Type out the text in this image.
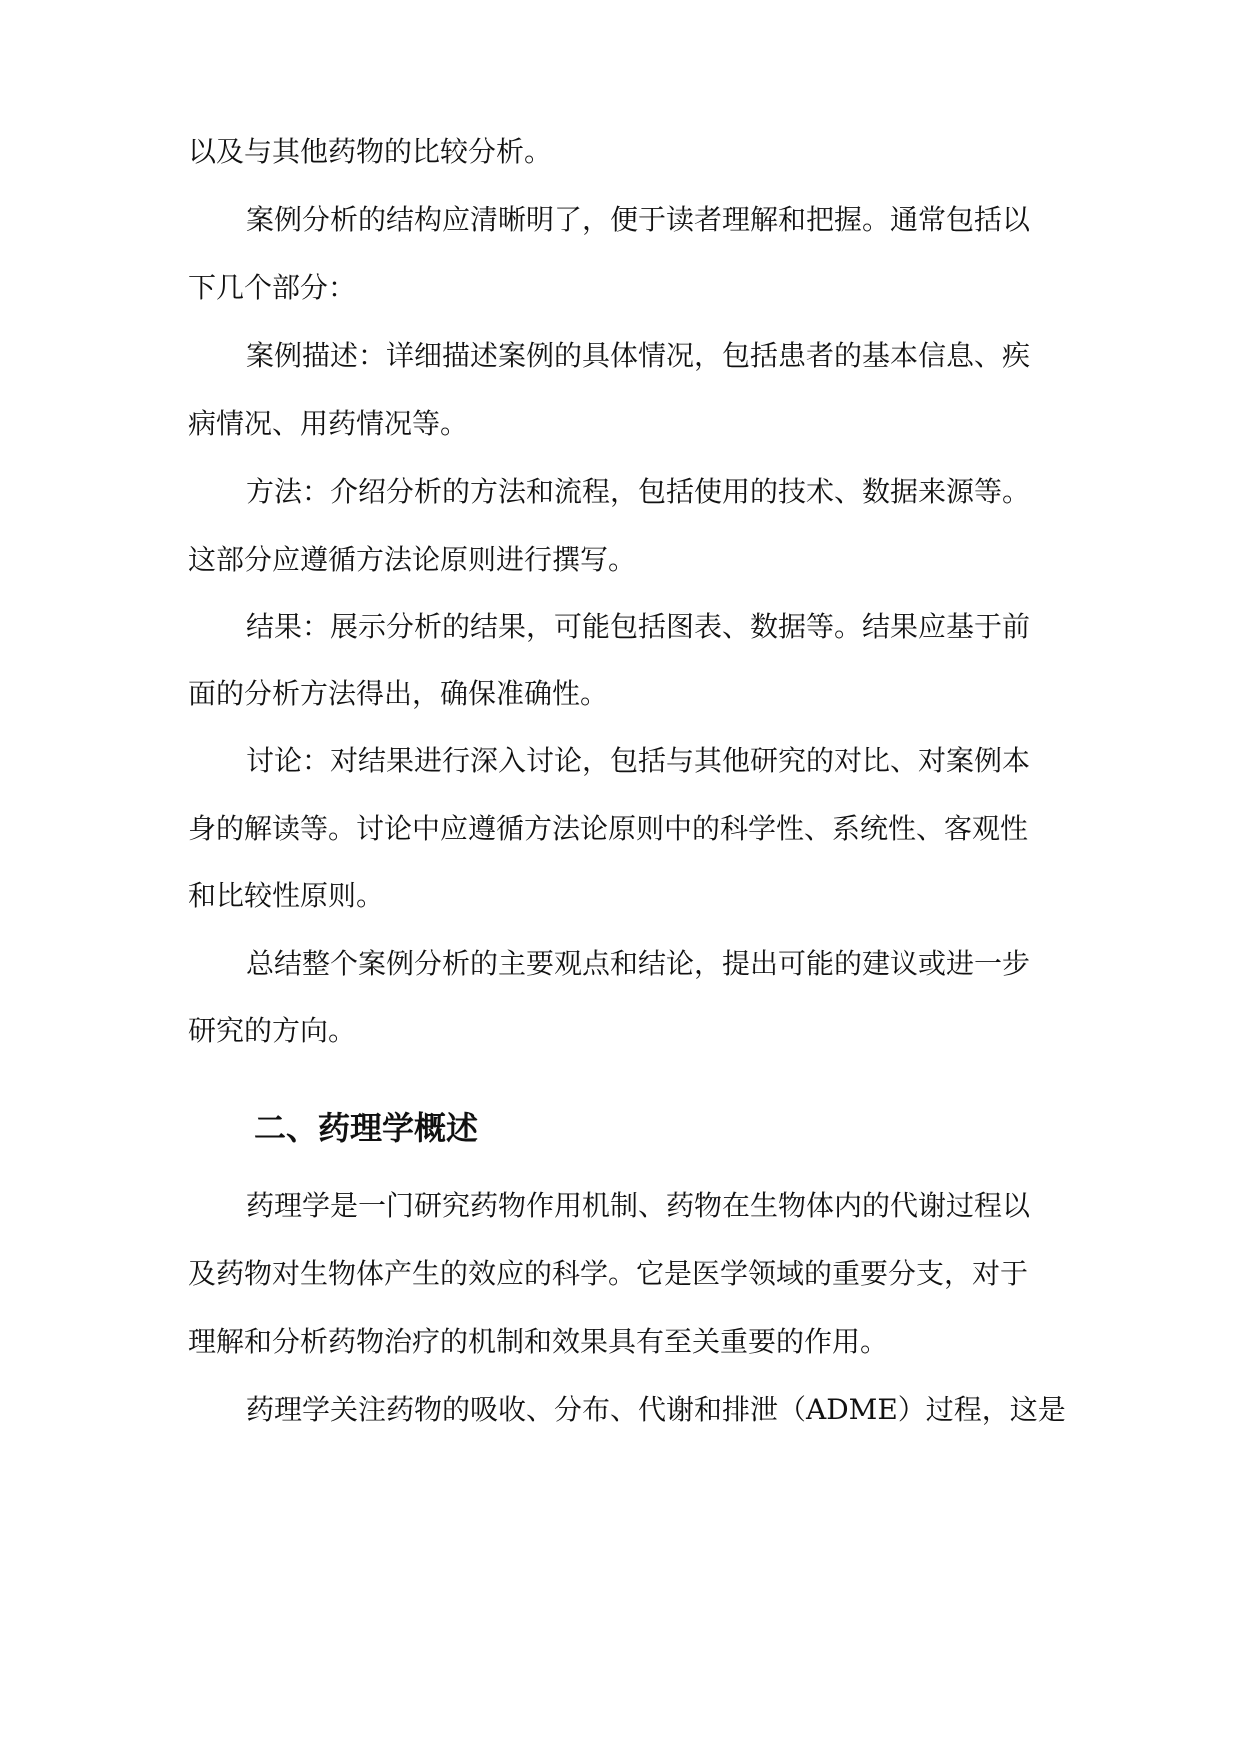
以及与其他药物的比较分析。
案例分析的结构应清晰明了，便于读者理解和把握。通常包括以
下几个部分：
案例描述：详细描述案例的具体情况，包括患者的基本信息、疾
病情况、用药情况等。
方法：介绍分析的方法和流程，包括使用的技术、数据来源等。
这部分应遵循方法论原则进行撰写。
结果：展示分析的结果，可能包括图表、数据等。结果应基于前
面的分析方法得出，确保准确性。
讨论：对结果进行深入讨论，包括与其他研究的对比、对案例本
身的解读等。讨论中应遵循方法论原则中的科学性、系统性、客观性
和比较性原则。
总结整个案例分析的主要观点和结论，提出可能的建议或进一步
研究的方向。
二、药理学概述
药理学是一门研究药物作用机制、药物在生物体内的代谢过程以
及药物对生物体产生的效应的科学。它是医学领域的重要分支，对于
理解和分析药物治疗的机制和效果具有至关重要的作用。
药理学关注药物的吸收、分布、代谢和排泄（ADME）过程，这是
